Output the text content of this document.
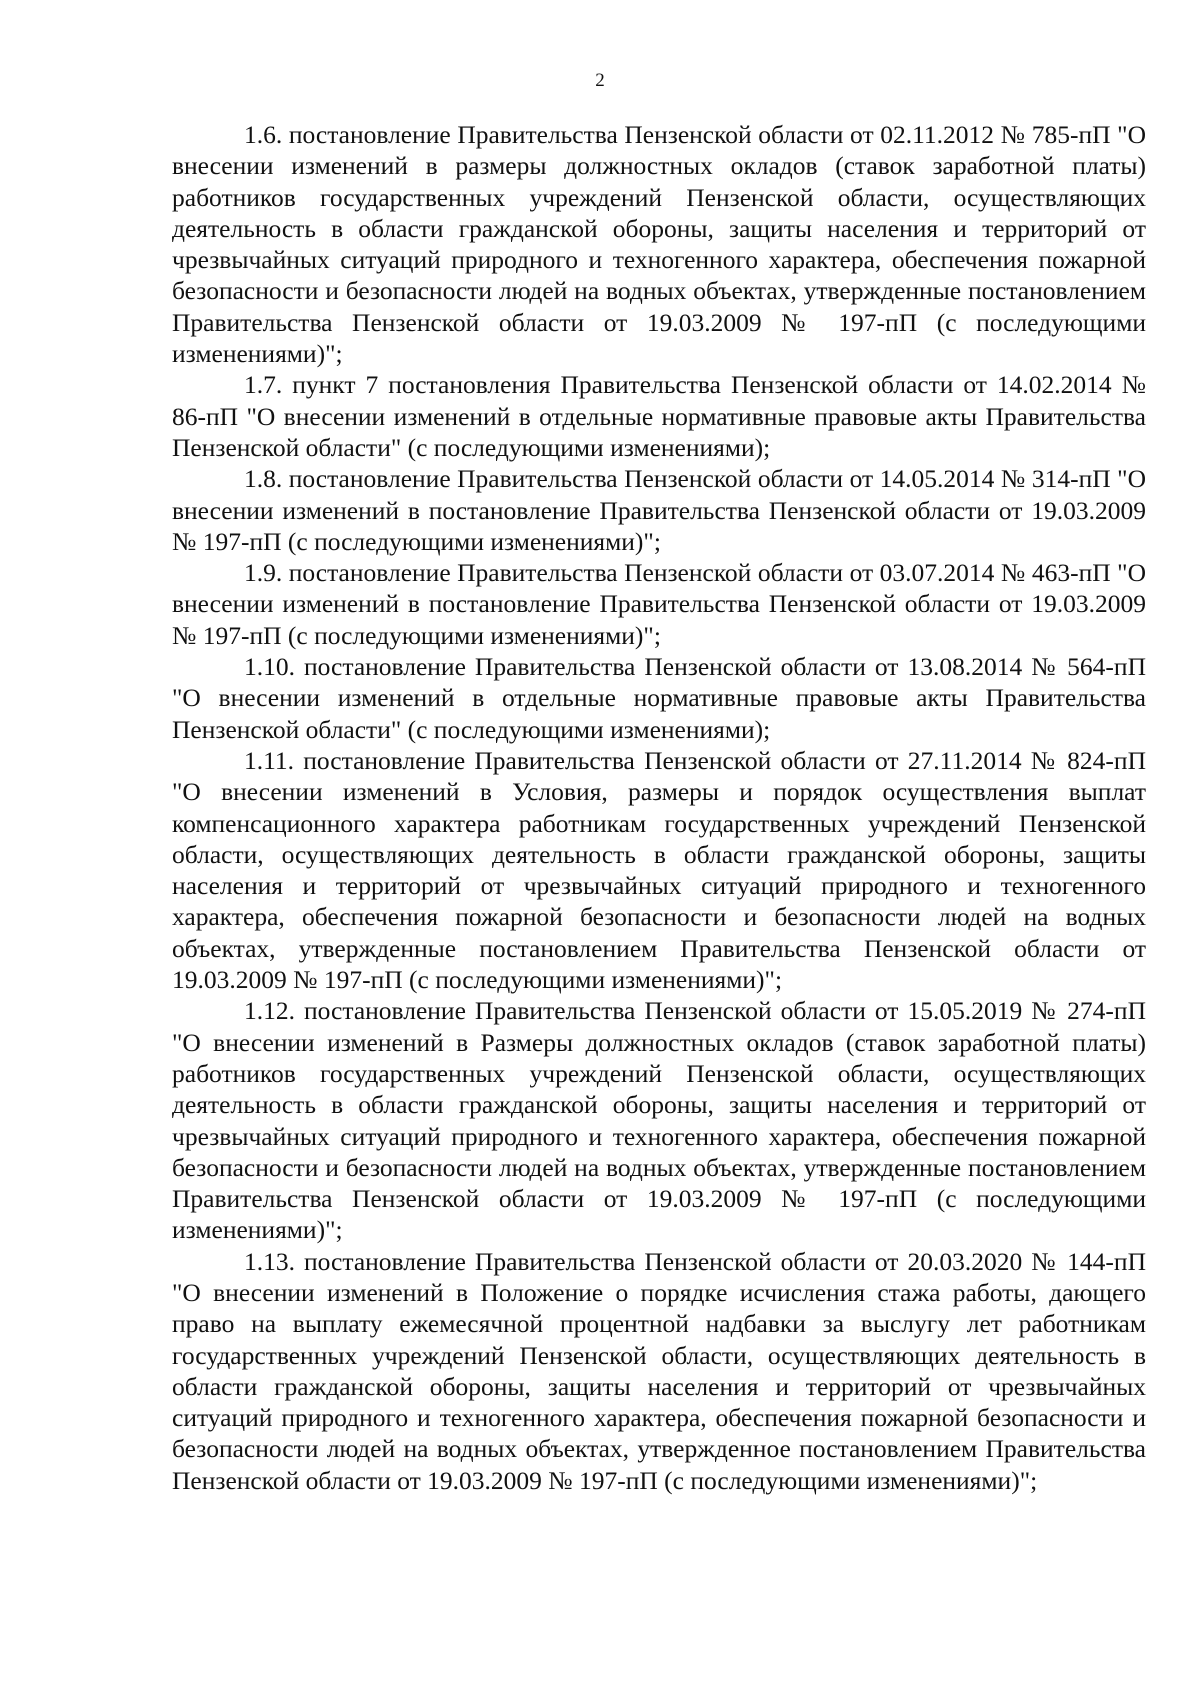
2

1.6. постановление Правительства Пензенской области от 02.11.2012 № 785-пП "О внесении изменений в размеры должностных окладов (ставок заработной платы) работников государственных учреждений Пензенской области, осуществляющих деятельность в области гражданской обороны, защиты населения и территорий от чрезвычайных ситуаций природного и техногенного характера, обеспечения пожарной безопасности и безопасности людей на водных объектах, утвержденные постановлением Правительства Пензенской области от 19.03.2009 № 197-пП (с последующими изменениями)";

1.7. пункт 7 постановления Правительства Пензенской области от 14.02.2014 № 86-пП "О внесении изменений в отдельные нормативные правовые акты Правительства Пензенской области" (с последующими изменениями);

1.8. постановление Правительства Пензенской области от 14.05.2014 № 314-пП "О внесении изменений в постановление Правительства Пензенской области от 19.03.2009 № 197-пП (с последующими изменениями)";

1.9. постановление Правительства Пензенской области от 03.07.2014 № 463-пП "О внесении изменений в постановление Правительства Пензенской области от 19.03.2009 № 197-пП (с последующими изменениями)";

1.10. постановление Правительства Пензенской области от 13.08.2014 № 564-пП "О внесении изменений в отдельные нормативные правовые акты Правительства Пензенской области" (с последующими изменениями);

1.11. постановление Правительства Пензенской области от 27.11.2014 № 824-пП "О внесении изменений в Условия, размеры и порядок осуществления выплат компенсационного характера работникам государственных учреждений Пензенской области, осуществляющих деятельность в области гражданской обороны, защиты населения и территорий от чрезвычайных ситуаций природного и техногенного характера, обеспечения пожарной безопасности и безопасности людей на водных объектах, утвержденные постановлением Правительства Пензенской области от 19.03.2009 № 197-пП (с последующими изменениями)";

1.12. постановление Правительства Пензенской области от 15.05.2019 № 274-пП "О внесении изменений в Размеры должностных окладов (ставок заработной платы) работников государственных учреждений Пензенской области, осуществляющих деятельность в области гражданской обороны, защиты населения и территорий от чрезвычайных ситуаций природного и техногенного характера, обеспечения пожарной безопасности и безопасности людей на водных объектах, утвержденные постановлением Правительства Пензенской области от 19.03.2009 № 197-пП (с последующими изменениями)";

1.13. постановление Правительства Пензенской области от 20.03.2020 № 144-пП "О внесении изменений в Положение о порядке исчисления стажа работы, дающего право на выплату ежемесячной процентной надбавки за выслугу лет работникам государственных учреждений Пензенской области, осуществляющих деятельность в области гражданской обороны, защиты населения и территорий от чрезвычайных ситуаций природного и техногенного характера, обеспечения пожарной безопасности и безопасности людей на водных объектах, утвержденное постановлением Правительства Пензенской области от 19.03.2009 № 197-пП (с последующими изменениями)";
